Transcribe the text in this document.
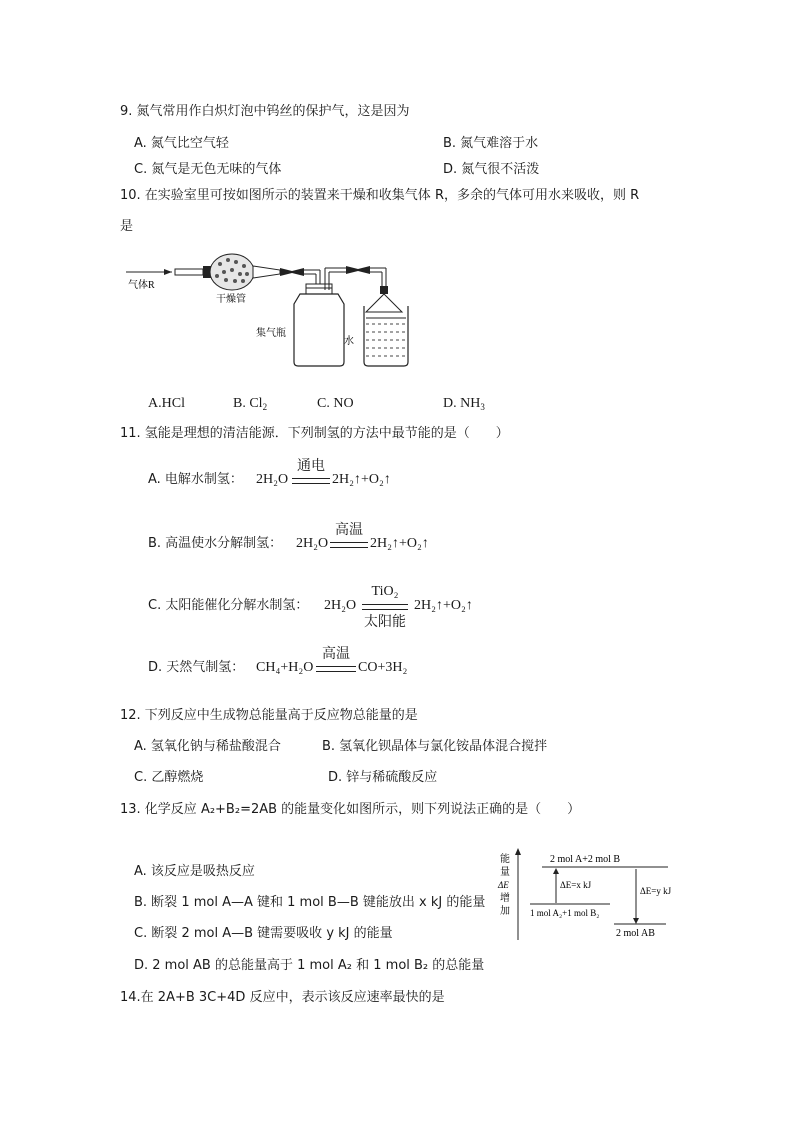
9. 氮气常用作白炽灯泡中钨丝的保护气，这是因为
A. 氮气比空气轻	B. 氮气难溶于水
C. 氮气是无色无味的气体	D. 氮气很不活泼
10. 在实验室里可按如图所示的装置来干燥和收集气体 R，多余的气体可用水来吸收，则 R
是
气体R
干燥管
集气瓶
水
A.HCl	B. $Cl_2$	C. NO	D. $NH_3$
11. 氢能是理想的清洁能源．下列制氢的方法中最节能的是（　　）
A. 电解水制氢： 2H₂O
通电
2H₂↑+O₂↑
B. 高温使水分解制氢： 2H₂O
高温
2H₂↑+O₂↑
C. 太阳能催化分解水制氢： 2H₂O
TiO₂
太阳能
2H₂↑+O₂↑
D. 天然气制氢： CH₄+H₂O
高温
CO+3H₂
12. 下列反应中生成物总能量高于反应物总能量的是
A. 氢氧化钠与稀盐酸混合	B. 氢氧化钡晶体与氯化铵晶体混合搅拌
C. 乙醇燃烧	D. 锌与稀硫酸反应
13. 化学反应 A₂+B₂=2AB 的能量变化如图所示，则下列说法正确的是（　　）
A. 该反应是吸热反应
B. 断裂 1 mol A—A 键和 1 mol B—B 键能放出 x kJ 的能量
C. 断裂 2 mol A—B 键需要吸收 y kJ 的能量
D. 2 mol AB 的总能量高于 1 mol A₂ 和 1 mol B₂ 的总能量
能
量
ΔE
增
加
2 mol A+2 mol B
1 mol A₂+1 mol B₂
2 mol AB
ΔE=x kJ
ΔE=y kJ
14.在 2A+B 3C+4D 反应中，表示该反应速率最快的是
